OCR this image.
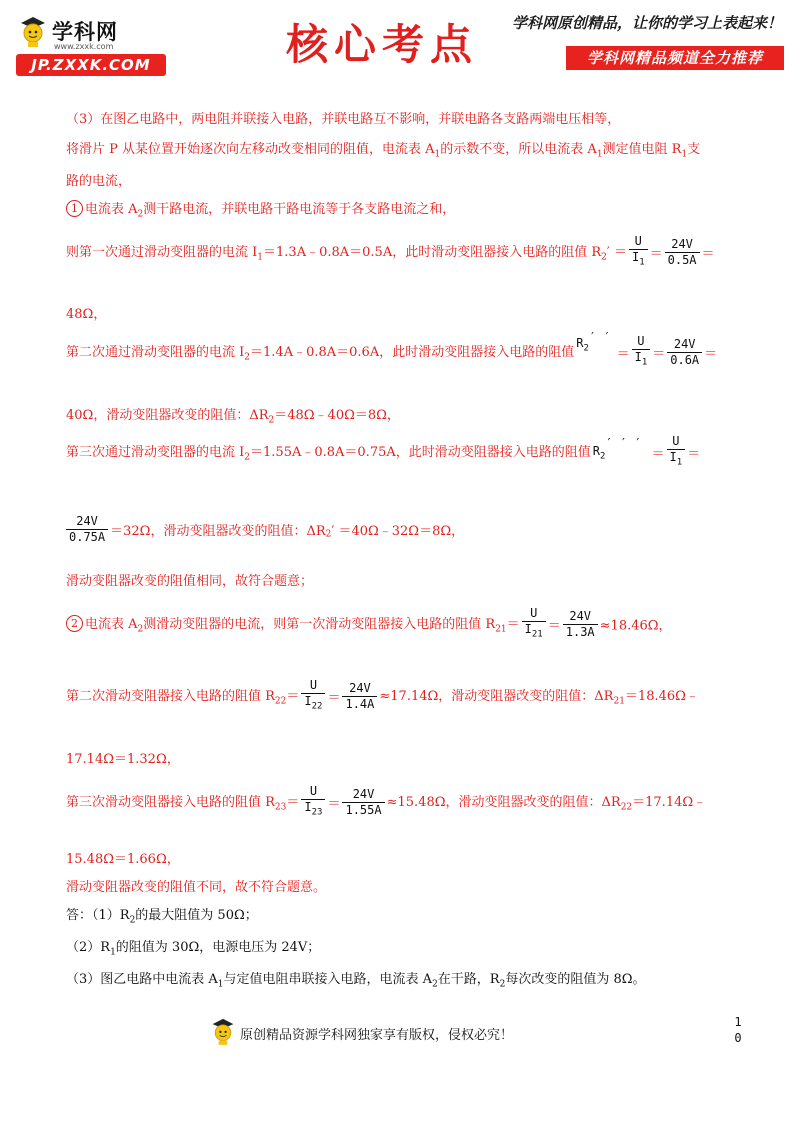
学科网
www.zxxk.com
JP.ZXXK.COM	核心考点 学科网原创精品，让你的学习上表起来！
学科网精品频道全力推荐
（3）在图乙电路中，两电阻并联接入电路，并联电路互不影响，并联电路各支路两端电压相等，
将滑片 P 从某位置开始逐次向左移动改变相同的阻值，电流表 $A_1$的示数不变，所以电流表 $A_1$测定值电阻 $R_1$支
路的电流，
1 电流表 $A_2$测干路电流，并联电路干路电流等于各支路电流之和，
则第一次通过滑动变阻器的电流 $I_1=1.3A﹣0.8A=0.5A$，此时滑动变阻器接入电路的阻值 $R_2' = \frac{U}{I_1} = \frac{24V}{0.5A}$ ＝
48Ω，
第二次通过滑动变阻器的电流 $I_2=1.4A﹣0.8A=0.6A$，此时滑动变阻器接入电路的阻值$R_2'$ ′＝ $\frac{U}{I_1} = \frac{24V}{0.6A}$ ＝
40Ω，滑动变阻器改变的阻值：$\Delta R_2=48\Omega﹣40\Omega=8\Omega$，
第三次通过滑动变阻器的电流 $I_2=1.55A﹣0.8A=0.75A$，此时滑动变阻器接入电路的阻值 $R_2'$ ′ ′＝ $\frac{U}{I_1}$ ＝
$\frac{24V}{0.75A} =32\Omega$，滑动变阻器改变的阻值：$\Delta R_2'$ ＝40Ω﹣32Ω＝8Ω，
滑动变阻器改变的阻值相同，故符合题意；
2 电流表 $A_2$测滑动变阻器的电流，则第一次滑动变阻器接入电路的阻值 $R_{21}= \frac{U}{I_{21}} = \frac{24V}{1.3A} \approx 18.46\Omega$，
第二次滑动变阻器接入电路的阻值 $R_{22}= \frac{U}{I_{22}} = \frac{24V}{1.4A} \approx 17.14\Omega$，滑动变阻器改变的阻值：$\Delta R_{21}=18.46\Omega﹣$
17.14Ω＝1.32Ω，
第三次滑动变阻器接入电路的阻值 $R_{23}= \frac{U}{I_{23}} = \frac{24V}{1.55A} \approx 15.48\Omega$，滑动变阻器改变的阻值：$\Delta R_{22}=17.14\Omega﹣$
15.48Ω＝1.66Ω，
滑动变阻器改变的阻值不同，故不符合题意。
答：$(1)R_2$的最大阻值为 50Ω；
$(2)R_1$的阻值为 30Ω，电源电压为 24V；
（3）图乙电路中电流表 $A_1$与定值电阻串联接入电路，电流表 $A_2$在干路，$R_2$每次改变的阻值为 8Ω。
原创精品资源学科网独家享有版权，侵权必究！
1
0
